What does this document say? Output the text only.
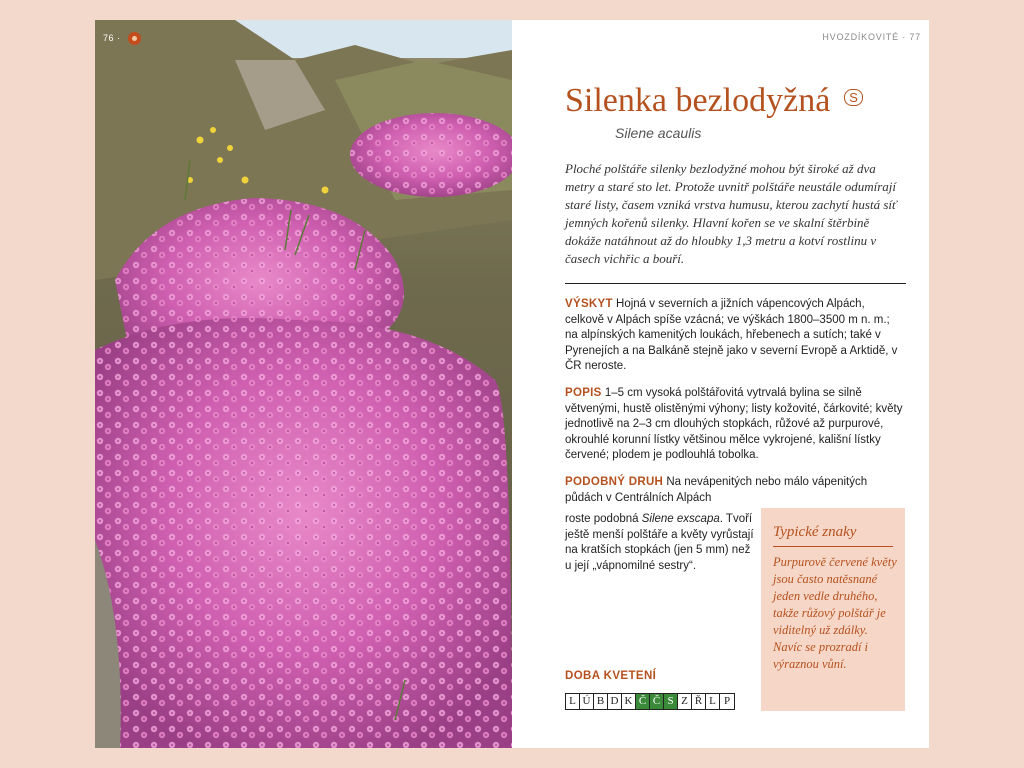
76 ·	HVOZDÍKOVITÉ · 77
Silenka bezlodyžná S
Silene acaulis

Ploché polštáře silenky bezlodyžné mohou být široké až dva metry a staré sto let. Protože uvnitř polštáře neustále odumírají staré listy, časem vzniká vrstva humusu, kterou zachytí hustá síť jemných kořenů silenky. Hlavní kořen se ve skalní štěrbině dokáže natáhnout až do hloubky 1,3 metru a kotví rostlinu v časech vichřic a bouří.

VÝSKYT Hojná v severních a jižních vápencových Alpách, celkově v Alpách spíše vzácná; ve výškách 1800–3500 m n. m.; na alpínských kamenitých loukách, hřebenech a sutích; také v Pyrenejích a na Balkáně stejně jako v severní Evropě a Arktidě, v ČR neroste.

POPIS 1–5 cm vysoká polštářovitá vytrvalá bylina se silně větvenými, hustě olistěnými výhony; listy kožovité, čárkovité; květy jednotlivě na 2–3 cm dlouhých stopkách, růžové až purpurové, okrouhlé korunní lístky většinou mělce vykrojené, kališní lístky červené; plodem je podlouhlá tobolka.

PODOBNÝ DRUH Na nevápenitých nebo málo vápenitých půdách v Centrálních Alpách

roste podobná Silene exscapa. Tvoří ještě menší polštáře a květy vyrůstají na kratších stopkách (jen 5 mm) než u její „vápnomilné sestry“.

Typické znaky

Purpurově červené květy jsou často natěsnané jeden vedle druhého, takže růžový polštář je viditelný už zdálky. Navíc se prozradí i výraznou vůní.

DOBA KVETENÍ
L Ú B D K Č Č S Z Ř L P
